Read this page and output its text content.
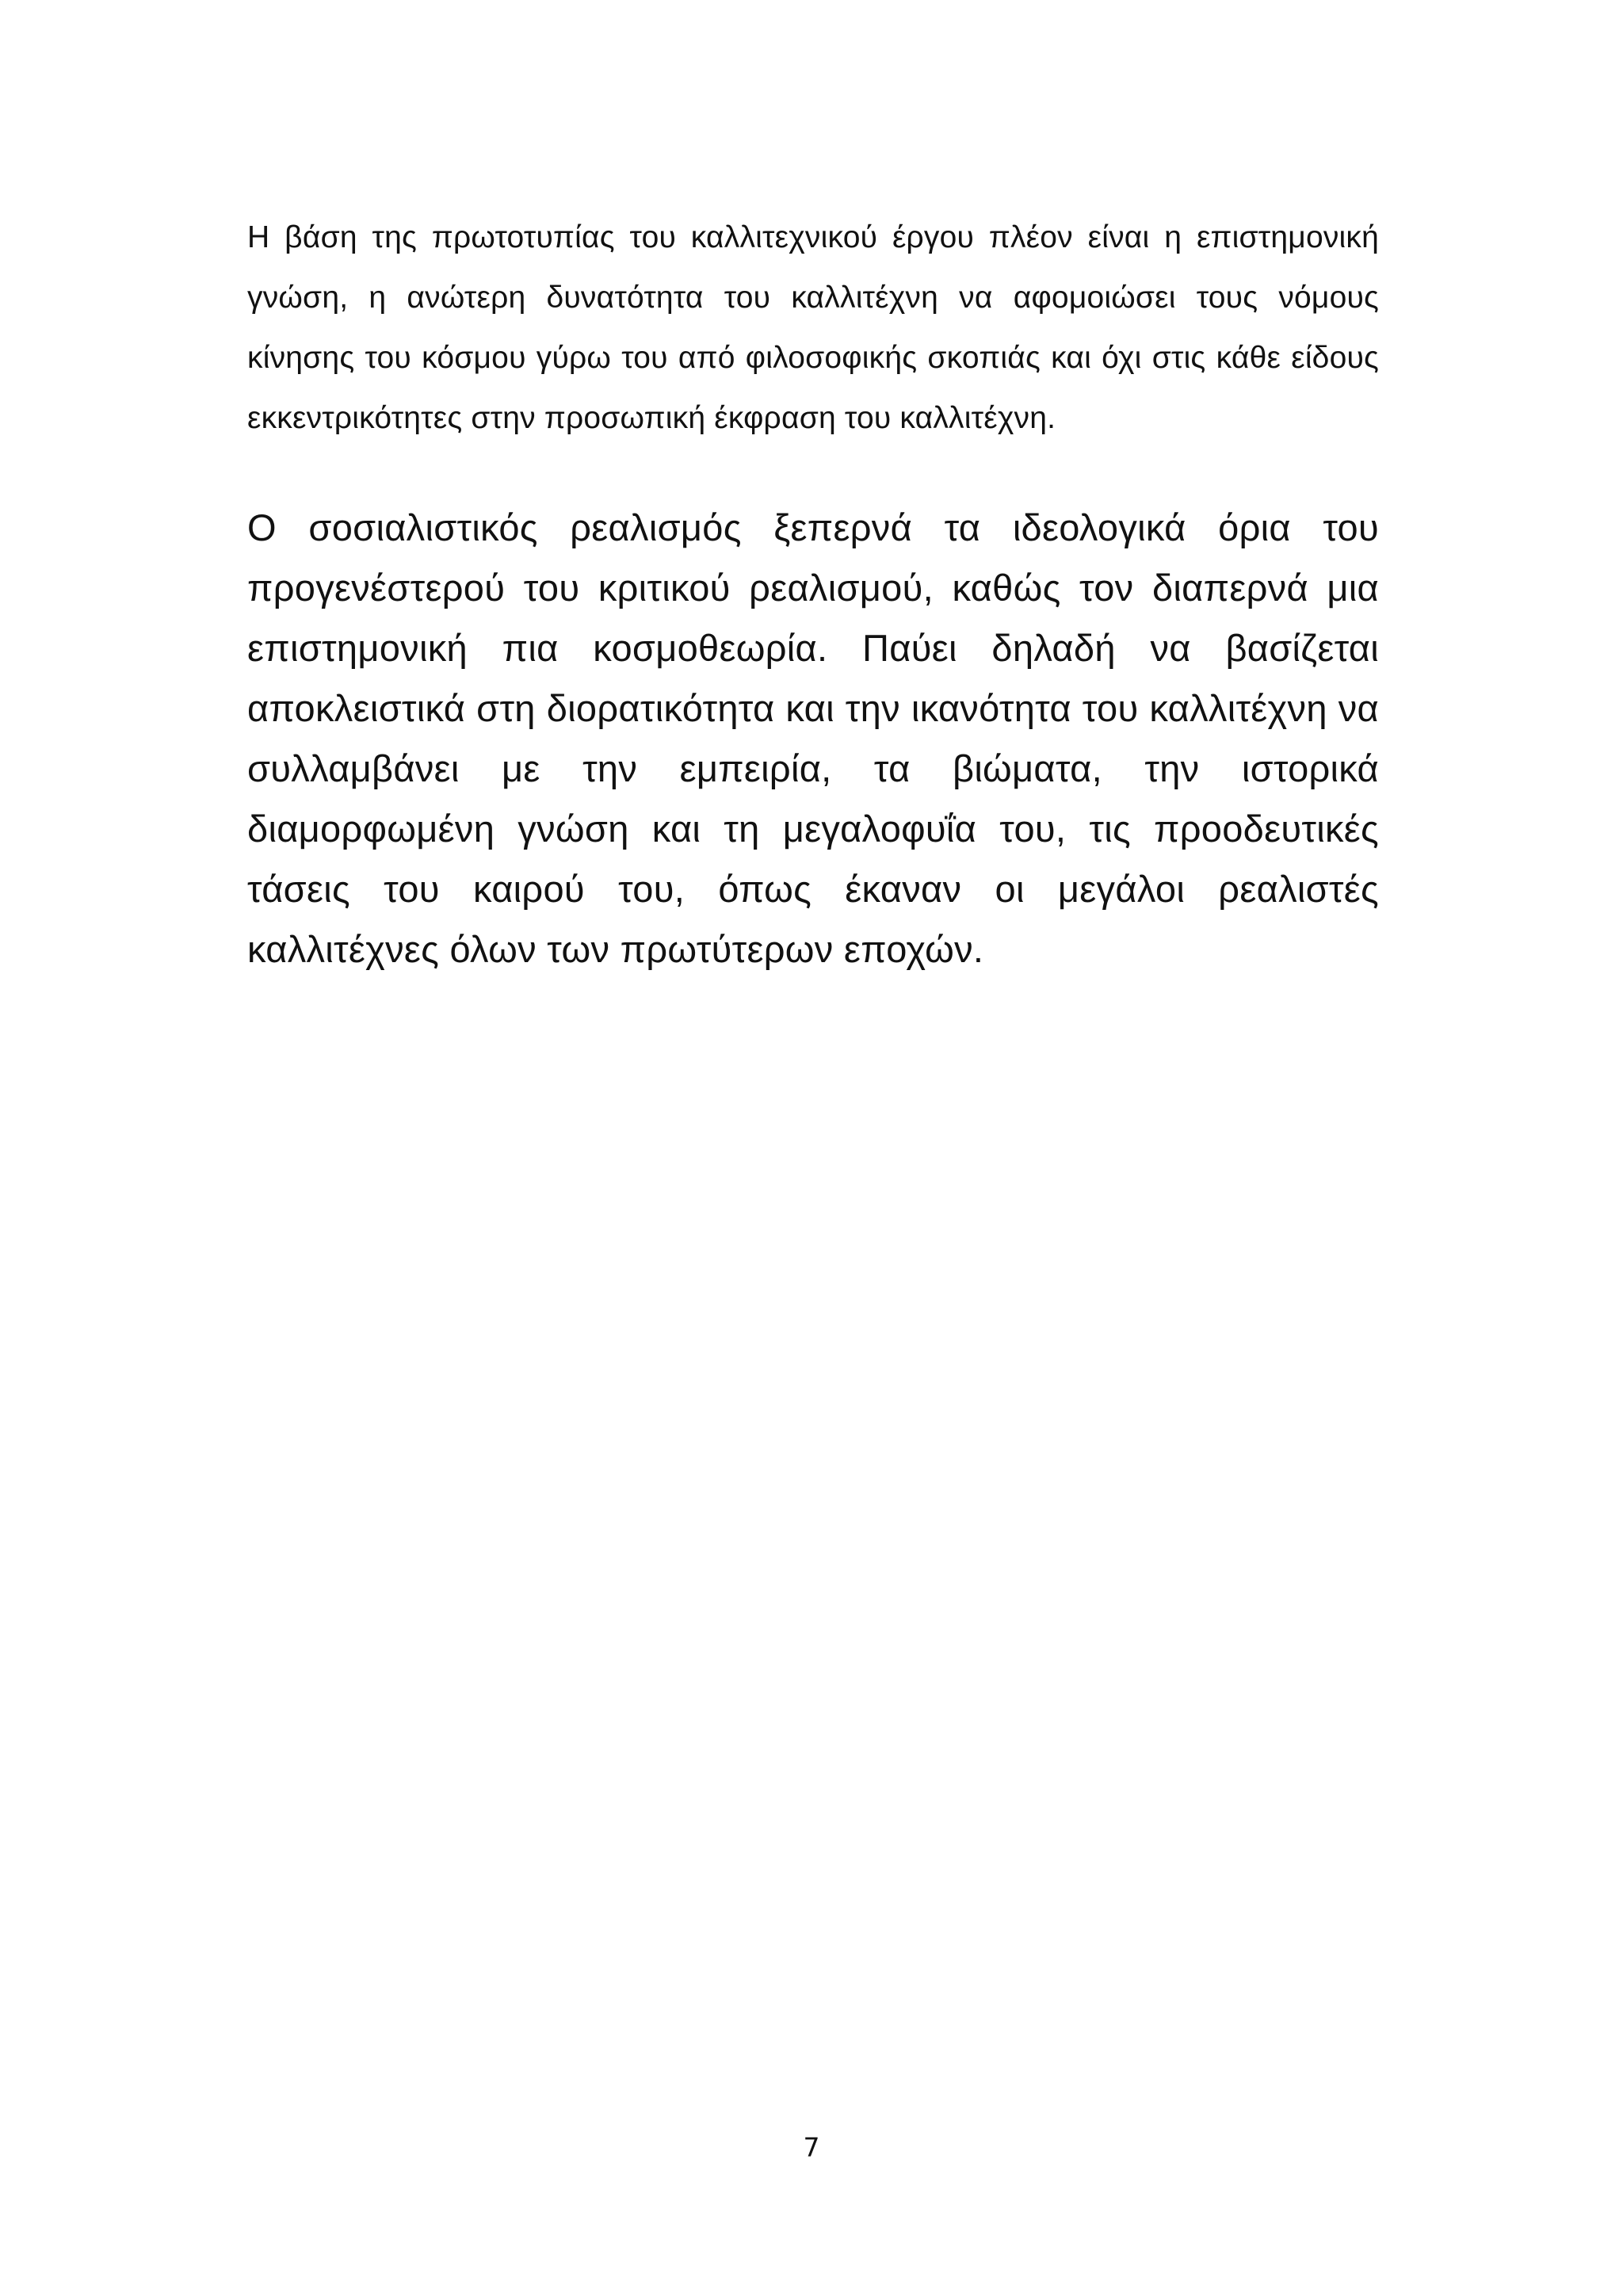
Η βάση της πρωτοτυπίας του καλλιτεχνικού έργου πλέον είναι η επιστημονική γνώση, η ανώτερη δυνατότητα του καλλιτέχνη να αφομοιώσει τους νόμους κίνησης του κόσμου γύρω του από φιλοσοφικής σκοπιάς και όχι στις κάθε είδους εκκεντρικότητες στην προσωπική έκφραση του καλλιτέχνη.

Ο σοσιαλιστικός ρεαλισμός ξεπερνά τα ιδεολογικά όρια του προγενέστερού του κριτικού ρεαλισμού, καθώς τον διαπερνά μια επιστημονική πια κοσμοθεωρία. Παύει δηλαδή να βασίζεται αποκλειστικά στη διορατικότητα και την ικανότητα του καλλιτέχνη να συλλαμβάνει με την εμπειρία, τα βιώματα, την ιστορικά διαμορφωμένη γνώση και τη μεγαλοφυΐα του, τις προοδευτικές τάσεις του καιρού του, όπως έκαναν οι μεγάλοι ρεαλιστές καλλιτέχνες όλων των πρωτύτερων εποχών.

7
